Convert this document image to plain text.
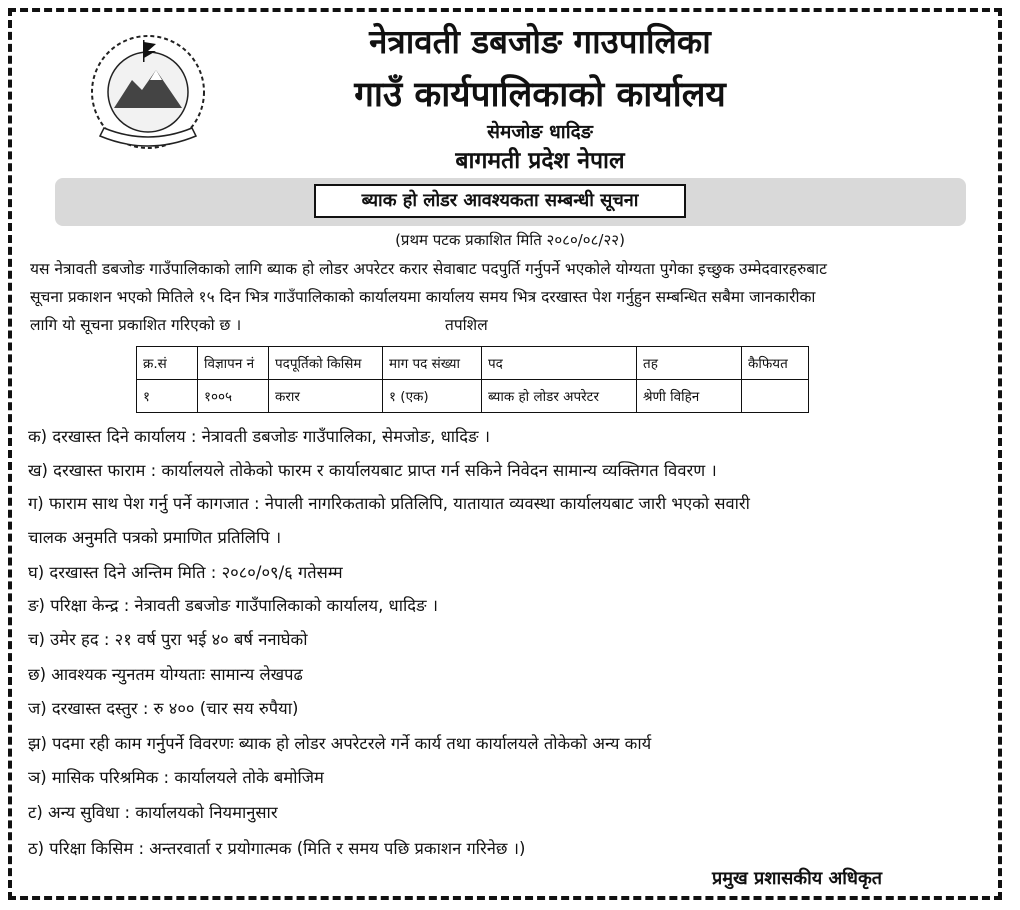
नेत्रावती डबजोङ गाउपालिका
गाउँ कार्यपालिकाको कार्यालय
सेमजोङ धादिङ
बागमती प्रदेश नेपाल
ब्याक हो लोडर आवश्यकता सम्बन्धी सूचना
(प्रथम पटक प्रकाशित मिति २०८०/०८/२२)
यस नेत्रावती डबजोङ गाउँपालिकाको लागि ब्याक हो लोडर अपरेटर करार सेवाबाट पदपुर्ति गर्नुपर्ने भएकोले योग्यता पुगेका इच्छुक उम्मेदवारहरुबाट
सूचना प्रकाशन भएको मितिले १५ दिन भित्र गाउँपालिकाको कार्यालयमा कार्यालय समय भित्र दरखास्त पेश गर्नुहुन सम्बन्धित सबैमा जानकारीका
लागि यो सूचना प्रकाशित गरिएको छ ।	तपशिल
क्र.सं	विज्ञापन नं	पदपूर्तिको किसिम	माग पद संख्या	पद	तह	कैफियत
१	१००५	करार	१ (एक)	ब्याक हो लोडर अपरेटर	श्रेणी विहिन	
क) दरखास्त दिने कार्यालय : नेत्रावती डबजोङ गाउँपालिका, सेमजोङ, धादिङ ।
ख) दरखास्त फाराम : कार्यालयले तोकेको फारम र कार्यालयबाट प्राप्त गर्न सकिने निवेदन सामान्य व्यक्तिगत विवरण ।
ग) फाराम साथ पेश गर्नु पर्ने कागजात : नेपाली नागरिकताको प्रतिलिपि, यातायात व्यवस्था कार्यालयबाट जारी भएको सवारी
चालक अनुमति पत्रको प्रमाणित प्रतिलिपि ।
घ) दरखास्त दिने अन्तिम मिति : २०८०/०९/६ गतेसम्म
ङ) परिक्षा केन्द्र : नेत्रावती डबजोङ गाउँपालिकाको कार्यालय, धादिङ ।
च) उमेर हद : २१ वर्ष पुरा भई ४० बर्ष ननाघेको
छ) आवश्यक न्युनतम योग्यताः सामान्य लेखपढ
ज) दरखास्त दस्तुर : रु ४०० (चार सय रुपैया)
झ) पदमा रही काम गर्नुपर्ने विवरणः ब्याक हो लोडर अपरेटरले गर्ने कार्य तथा कार्यालयले तोकेको अन्य कार्य
ञ) मासिक परिश्रमिक : कार्यालयले तोके बमोजिम
ट) अन्य सुविधा : कार्यालयको नियमानुसार
ठ) परिक्षा किसिम : अन्तरवार्ता र प्रयोगात्मक (मिति र समय पछि प्रकाशन गरिनेछ ।)
प्रमुख प्रशासकीय अधिकृत
